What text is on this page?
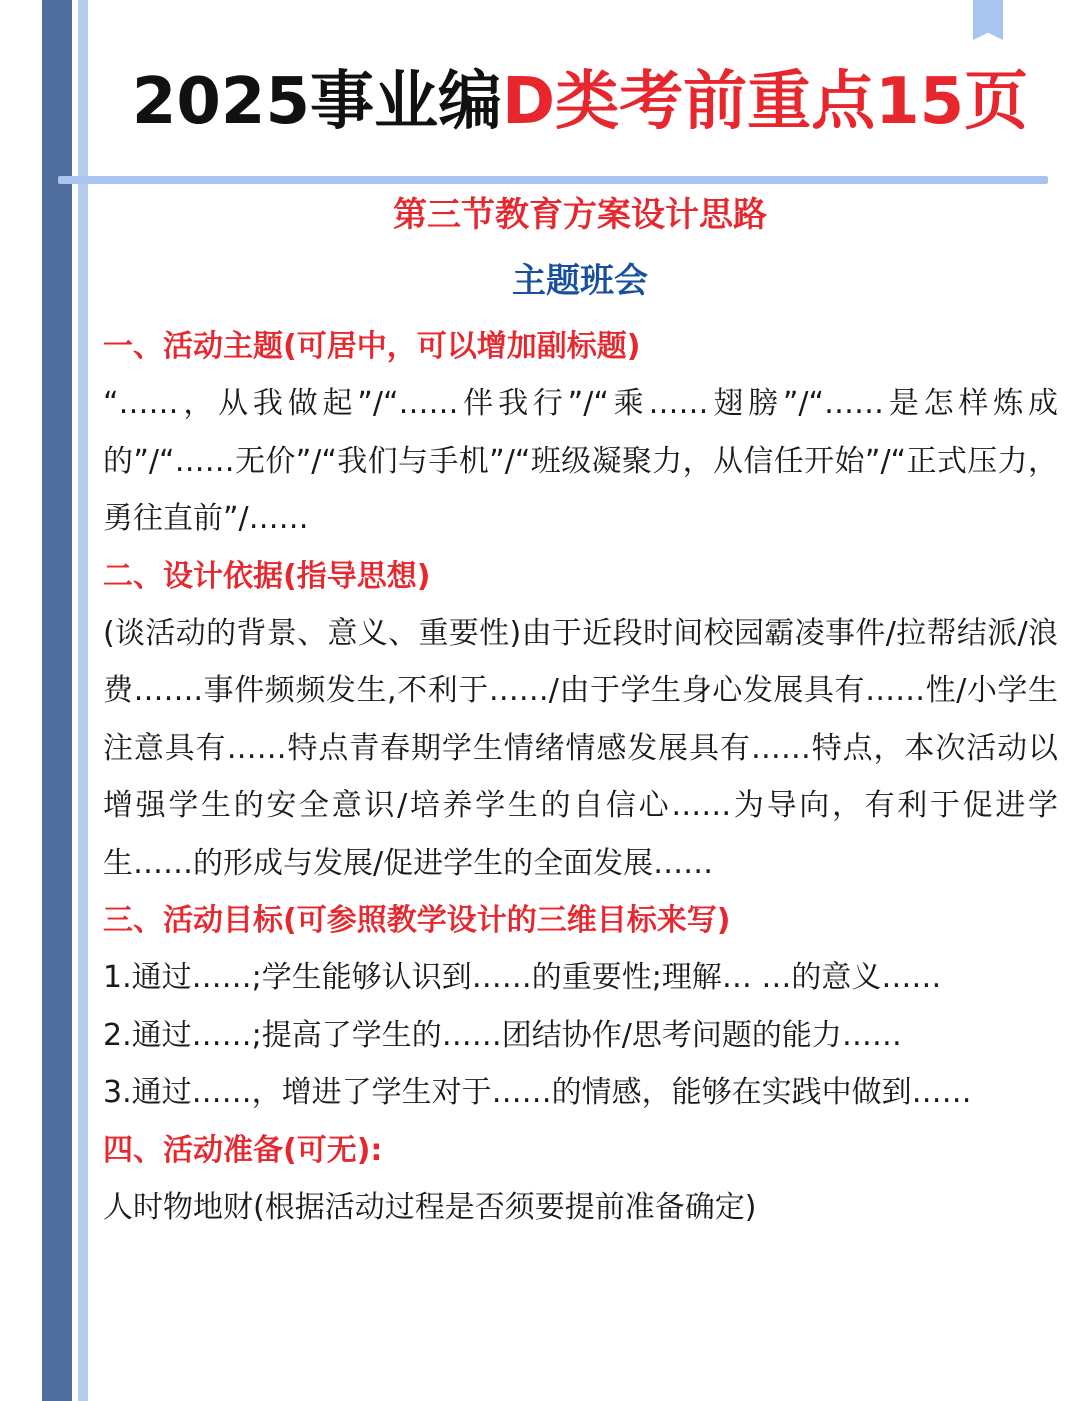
2025事业编D类考前重点15页
第三节教育方案设计思路
主题班会
一、活动主题(可居中，可以增加副标题)
“……，从我做起”/“……伴我行”/“乘……翅膀”/“……是怎样炼成的”/“……无价”/“我们与手机”/“班级凝聚力，从信任开始”/“正式压力，勇往直前”/……
二、设计依据(指导思想)
(谈活动的背景、意义、重要性)由于近段时间校园霸凌事件/拉帮结派/浪费…….事件频频发生,不利于……/由于学生身心发展具有……性/小学生注意具有……特点青春期学生情绪情感发展具有……特点，本次活动以增强学生的安全意识/培养学生的自信心……为导向，有利于促进学生……的形成与发展/促进学生的全面发展……
三、活动目标(可参照教学设计的三维目标来写)
1.通过……;学生能够认识到……的重要性;理解… …的意义……
2.通过……;提高了学生的……团结协作/思考问题的能力……
3.通过……，增进了学生对于……的情感，能够在实践中做到……
四、活动准备(可无):
人时物地财(根据活动过程是否须要提前准备确定)
